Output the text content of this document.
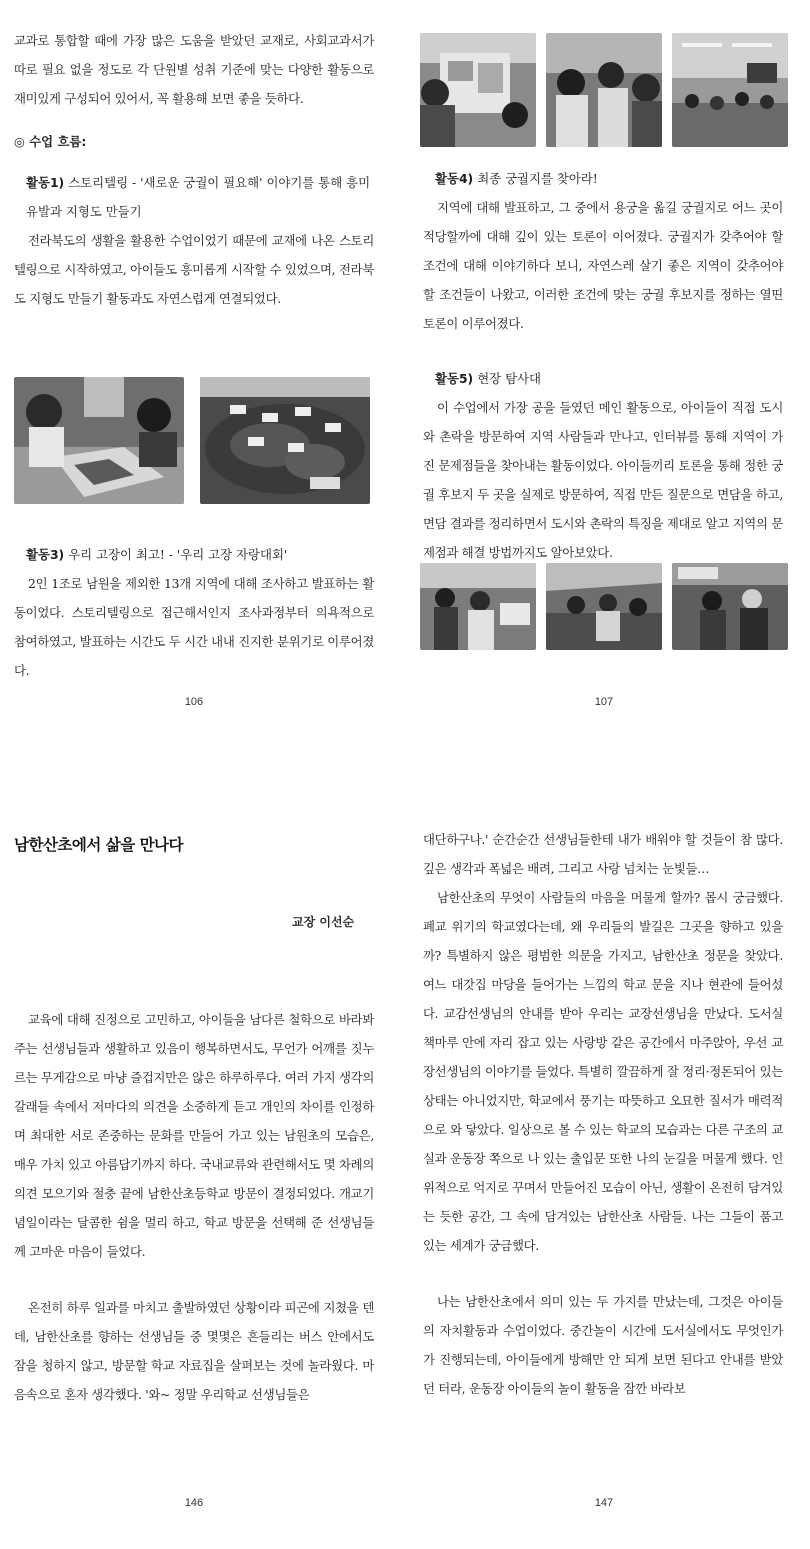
교과로 통합할 때에 가장 많은 도움을 받았던 교재로, 사회교과서가 따로 필요 없을 정도로 각 단원별 성취 기준에 맞는 다양한 활동으로 재미있게 구성되어 있어서, 꼭 활용해 보면 좋을 듯하다.

◎ 수업 흐름:

활동1) 스토리텔링 - '새로운 궁궐이 필요해' 이야기를 통해 흥미 유발과 지형도 만들기

전라북도의 생활을 활용한 수업이었기 때문에 교재에 나온 스토리텔링으로 시작하였고, 아이들도 흥미롭게 시작할 수 있었으며, 전라북도 지형도 만들기 활동과도 자연스럽게 연결되었다.

활동3) 우리 고장이 최고! - '우리 고장 자랑대회'

2인 1조로 남원을 제외한 13개 지역에 대해 조사하고 발표하는 활동이었다. 스토리텔링으로 접근해서인지 조사과정부터 의욕적으로 참여하였고, 발표하는 시간도 두 시간 내내 진지한 분위기로 이루어졌다.

106

활동4) 최종 궁궐지를 찾아라!

지역에 대해 발표하고, 그 중에서 용궁을 옮길 궁궐지로 어느 곳이 적당할까에 대해 깊이 있는 토론이 이어졌다. 궁궐지가 갖추어야 할 조건에 대해 이야기하다 보니, 자연스레 살기 좋은 지역이 갖추어야 할 조건들이 나왔고, 이러한 조건에 맞는 궁궐 후보지를 정하는 열띤 토론이 이루어졌다.

활동5) 현장 탐사대

이 수업에서 가장 공을 들였던 메인 활동으로, 아이들이 직접 도시와 촌락을 방문하여 지역 사람들과 만나고, 인터뷰를 통해 지역이 가진 문제점들을 찾아내는 활동이었다. 아이들끼리 토론을 통해 정한 궁궐 후보지 두 곳을 실제로 방문하여, 직접 만든 질문으로 면담을 하고, 면담 결과를 정리하면서 도시와 촌락의 특징을 제대로 알고 지역의 문제점과 해결 방법까지도 알아보았다.

107
남한산초에서 삶을 만나다
교장 이선순

교육에 대해 진정으로 고민하고, 아이들을 남다른 철학으로 바라봐 주는 선생님들과 생활하고 있음이 행복하면서도, 무언가 어깨를 짓누르는 무게감으로 마냥 즐겁지만은 않은 하루하루다. 여러 가지 생각의 갈래들 속에서 저마다의 의견을 소중하게 듣고 개인의 차이를 인정하며 최대한 서로 존중하는 문화를 만들어 가고 있는 남원초의 모습은, 매우 가치 있고 아름답기까지 하다. 국내교류와 관련해서도 몇 차례의 의견 모으기와 절충 끝에 남한산초등학교 방문이 결정되었다. 개교기념일이라는 달콤한 쉼을 멀리 하고, 학교 방문을 선택해 준 선생님들께 고마운 마음이 들었다.

온전히 하루 일과를 마치고 출발하였던 상황이라 피곤에 지쳤을 텐데, 남한산초를 향하는 선생님들 중 몇몇은 흔들리는 버스 안에서도 잠을 청하지 않고, 방문할 학교 자료집을 살펴보는 것에 놀라웠다. 마음속으로 혼자 생각했다. '와~ 정말 우리학교 선생님들은

146

대단하구나.' 순간순간 선생님들한테 내가 배워야 할 것들이 참 많다. 깊은 생각과 폭넓은 배려, 그리고 사랑 넘치는 눈빛들…

남한산초의 무엇이 사람들의 마음을 머물게 할까? 몹시 궁금했다. 폐교 위기의 학교였다는데, 왜 우리들의 발길은 그곳을 향하고 있을까? 특별하지 않은 평범한 의문을 가지고, 남한산초 정문을 찾았다. 여느 대갓집 마당을 들어가는 느낌의 학교 문을 지나 현관에 들어섰다. 교감선생님의 안내를 받아 우리는 교장선생님을 만났다. 도서실 책마루 안에 자리 잡고 있는 사랑방 같은 공간에서 마주앉아, 우선 교장선생님의 이야기를 들었다. 특별히 깔끔하게 잘 정리·정돈되어 있는 상태는 아니었지만, 학교에서 풍기는 따뜻하고 오묘한 질서가 매력적으로 와 닿았다. 일상으로 볼 수 있는 학교의 모습과는 다른 구조의 교실과 운동장 쪽으로 나 있는 출입문 또한 나의 눈길을 머물게 했다. 인위적으로 억지로 꾸며서 만들어진 모습이 아닌, 생활이 온전히 담겨있는 듯한 공간, 그 속에 담겨있는 남한산초 사람들. 나는 그들이 품고 있는 세계가 궁금했다.

나는 남한산초에서 의미 있는 두 가지를 만났는데, 그것은 아이들의 자치활동과 수업이었다. 중간놀이 시간에 도서실에서도 무엇인가가 진행되는데, 아이들에게 방해만 안 되게 보면 된다고 안내를 받았던 터라, 운동장 아이들의 놀이 활동을 잠깐 바라보

147
